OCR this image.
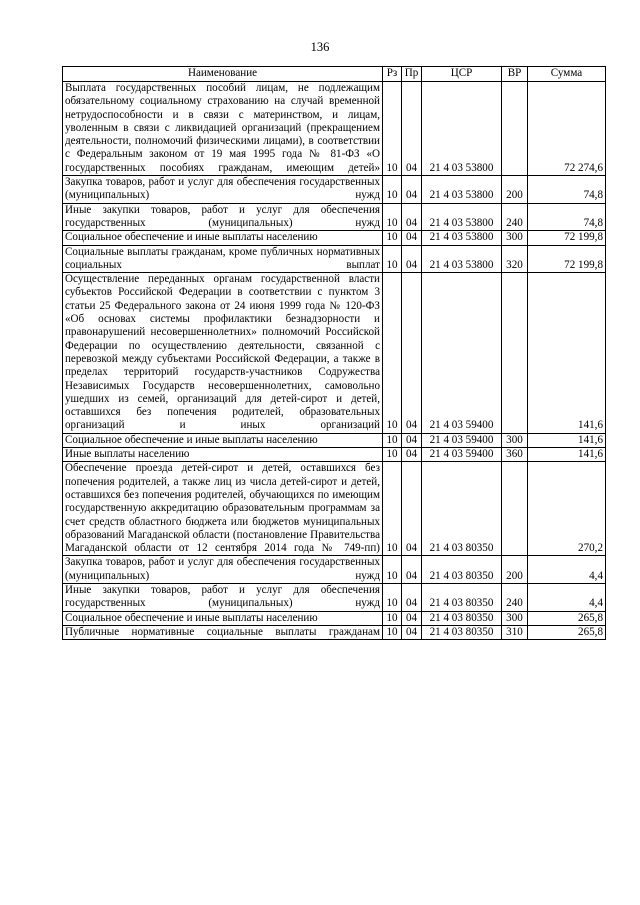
136
Наименование	Рз	Пр	ЦСР	ВР	Сумма
Выплата государственных пособий лицам, не подлежащим обязательному социальному страхованию на случай временной нетрудоспособности и в связи с материнством, и лицам, уволенным в связи с ликвидацией организаций (прекращением деятельности, полномочий физическими лицами), в соответствии с Федеральным законом от 19 мая 1995 года № 81-ФЗ «О государственных пособиях гражданам, имеющим детей»	10	04	21 4 03 53800		72 274,6
Закупка товаров, работ и услуг для обеспечения государственных (муниципальных) нужд	10	04	21 4 03 53800	200	74,8
Иные закупки товаров, работ и услуг для обеспечения государственных (муниципальных) нужд	10	04	21 4 03 53800	240	74,8
Социальное обеспечение и иные выплаты населению	10	04	21 4 03 53800	300	72 199,8
Социальные выплаты гражданам, кроме публичных нормативных социальных выплат	10	04	21 4 03 53800	320	72 199,8
Осуществление переданных органам государственной власти субъектов Российской Федерации в соответствии с пунктом 3 статьи 25 Федерального закона от 24 июня 1999 года № 120-ФЗ «Об основах системы профилактики безнадзорности и правонарушений несовершеннолетних» полномочий Российской Федерации по осуществлению деятельности, связанной с перевозкой между субъектами Российской Федерации, а также в пределах территорий государств-участников Содружества Независимых Государств несовершеннолетних, самовольно ушедших из семей, организаций для детей-сирот и детей, оставшихся без попечения родителей, образовательных организаций и иных организаций	10	04	21 4 03 59400		141,6
Социальное обеспечение и иные выплаты населению	10	04	21 4 03 59400	300	141,6
Иные выплаты населению	10	04	21 4 03 59400	360	141,6
Обеспечение проезда детей-сирот и детей, оставшихся без попечения родителей, а также лиц из числа детей-сирот и детей, оставшихся без попечения родителей, обучающихся по имеющим государственную аккредитацию образовательным программам за счет средств областного бюджета или бюджетов муниципальных образований Магаданской области (постановление Правительства Магаданской области от 12 сентября 2014 года № 749-пп)	10	04	21 4 03 80350		270,2
Закупка товаров, работ и услуг для обеспечения государственных (муниципальных) нужд	10	04	21 4 03 80350	200	4,4
Иные закупки товаров, работ и услуг для обеспечения государственных (муниципальных) нужд	10	04	21 4 03 80350	240	4,4
Социальное обеспечение и иные выплаты населению	10	04	21 4 03 80350	300	265,8
Публичные нормативные социальные выплаты гражданам	10	04	21 4 03 80350	310	265,8
